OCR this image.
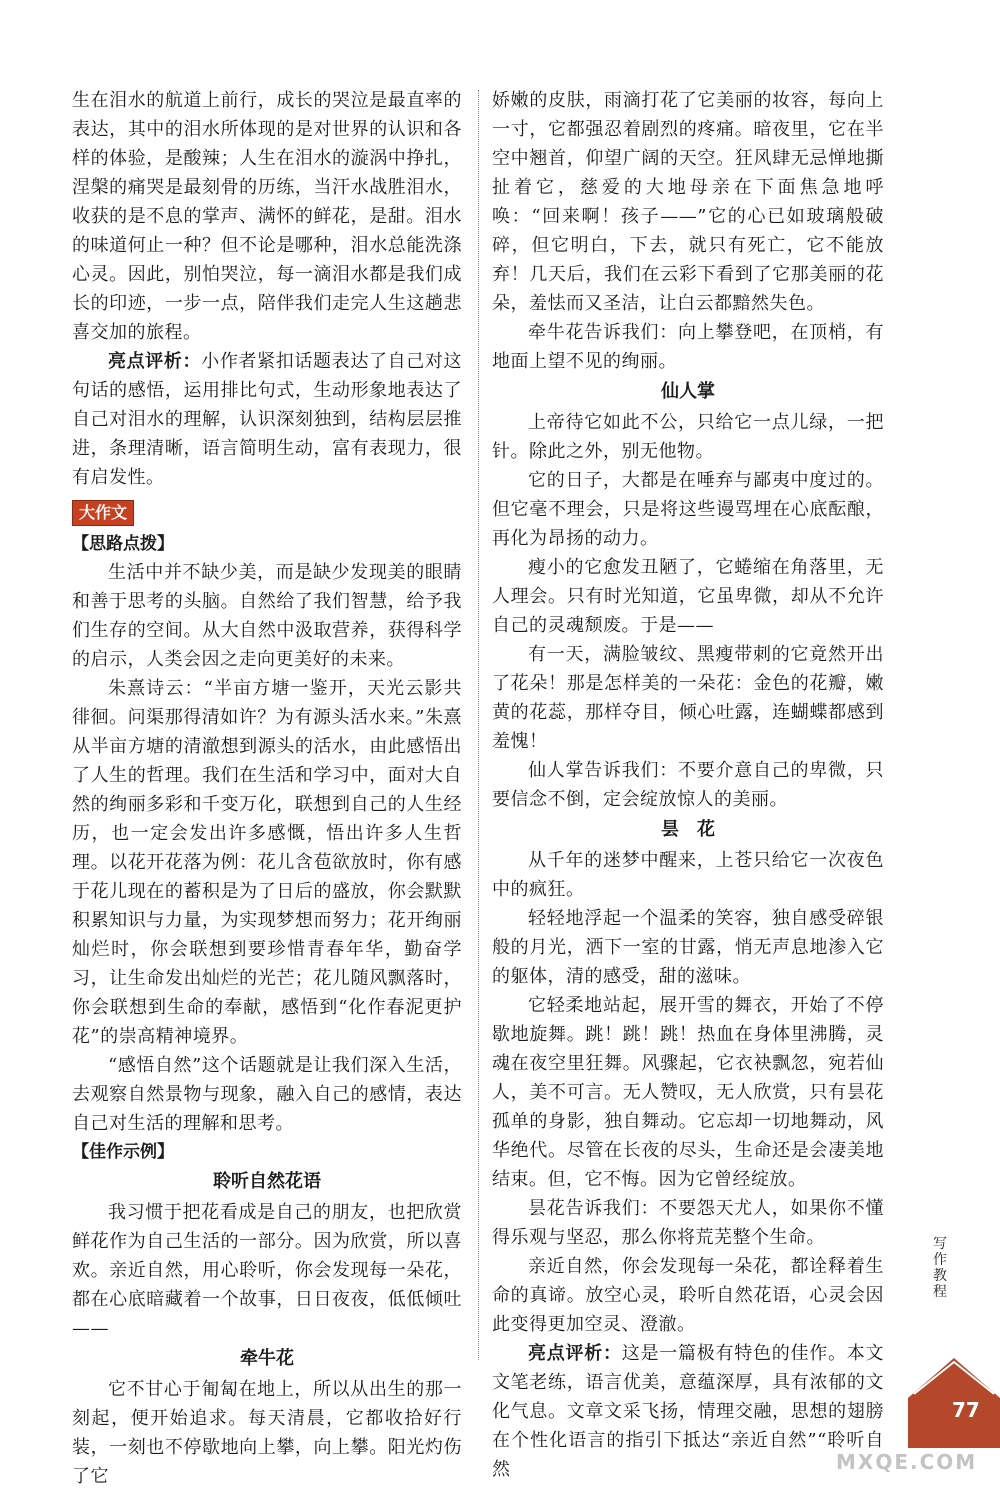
生在泪水的航道上前行，成长的哭泣是最直率的表达，其中的泪水所体现的是对世界的认识和各样的体验，是酸辣；人生在泪水的漩涡中挣扎，涅槃的痛哭是最刻骨的历练，当汗水战胜泪水，收获的是不息的掌声、满怀的鲜花，是甜。泪水的味道何止一种？但不论是哪种，泪水总能洗涤心灵。因此，别怕哭泣，每一滴泪水都是我们成长的印迹，一步一点，陪伴我们走完人生这趟悲喜交加的旅程。

亮点评析：小作者紧扣话题表达了自己对这句话的感悟，运用排比句式，生动形象地表达了自己对泪水的理解，认识深刻独到，结构层层推进，条理清晰，语言简明生动，富有表现力，很有启发性。

大作文
【思路点拨】

生活中并不缺少美，而是缺少发现美的眼睛和善于思考的头脑。自然给了我们智慧，给予我们生存的空间。从大自然中汲取营养，获得科学的启示，人类会因之走向更美好的未来。

朱熹诗云：“半亩方塘一鉴开，天光云影共徘徊。问渠那得清如许？为有源头活水来。”朱熹从半亩方塘的清澈想到源头的活水，由此感悟出了人生的哲理。我们在生活和学习中，面对大自然的绚丽多彩和千变万化，联想到自己的人生经历，也一定会发出许多感慨，悟出许多人生哲理。以花开花落为例：花儿含苞欲放时，你有感于花儿现在的蓄积是为了日后的盛放，你会默默积累知识与力量，为实现梦想而努力；花开绚丽灿烂时，你会联想到要珍惜青春年华，勤奋学习，让生命发出灿烂的光芒；花儿随风飘落时，你会联想到生命的奉献，感悟到“化作春泥更护花”的崇高精神境界。

“感悟自然”这个话题就是让我们深入生活，去观察自然景物与现象，融入自己的感情，表达自己对生活的理解和思考。

【佳作示例】
聆听自然花语

我习惯于把花看成是自己的朋友，也把欣赏鲜花作为自己生活的一部分。因为欣赏，所以喜欢。亲近自然，用心聆听，你会发现每一朵花，都在心底暗藏着一个故事，日日夜夜，低低倾吐——

牵牛花

它不甘心于匍匐在地上，所以从出生的那一刻起，便开始追求。每天清晨，它都收拾好行装，一刻也不停歇地向上攀，向上攀。阳光灼伤了它

娇嫩的皮肤，雨滴打花了它美丽的妆容，每向上一寸，它都强忍着剧烈的疼痛。暗夜里，它在半空中翘首，仰望广阔的天空。狂风肆无忌惮地撕扯着它，慈爱的大地母亲在下面焦急地呼唤：“回来啊！孩子——”它的心已如玻璃般破碎，但它明白，下去，就只有死亡，它不能放弃！几天后，我们在云彩下看到了它那美丽的花朵，羞怯而又圣洁，让白云都黯然失色。

牵牛花告诉我们：向上攀登吧，在顶梢，有地面上望不见的绚丽。

仙人掌

上帝待它如此不公，只给它一点儿绿，一把针。除此之外，别无他物。

它的日子，大都是在唾弃与鄙夷中度过的。但它毫不理会，只是将这些谩骂埋在心底酝酿，再化为昂扬的动力。

瘦小的它愈发丑陋了，它蜷缩在角落里，无人理会。只有时光知道，它虽卑微，却从不允许自己的灵魂颓废。于是——

有一天，满脸皱纹、黑瘦带刺的它竟然开出了花朵！那是怎样美的一朵花：金色的花瓣，嫩黄的花蕊，那样夺目，倾心吐露，连蝴蝶都感到羞愧！

仙人掌告诉我们：不要介意自己的卑微，只要信念不倒，定会绽放惊人的美丽。

昙　花

从千年的迷梦中醒来，上苍只给它一次夜色中的疯狂。

轻轻地浮起一个温柔的笑容，独自感受碎银般的月光，洒下一室的甘露，悄无声息地渗入它的躯体，清的感受，甜的滋味。

它轻柔地站起，展开雪的舞衣，开始了不停歇地旋舞。跳！跳！跳！热血在身体里沸腾，灵魂在夜空里狂舞。风骤起，它衣袂飘忽，宛若仙人，美不可言。无人赞叹，无人欣赏，只有昙花孤单的身影，独自舞动。它忘却一切地舞动，风华绝代。尽管在长夜的尽头，生命还是会凄美地结束。但，它不悔。因为它曾经绽放。

昙花告诉我们：不要怨天尤人，如果你不懂得乐观与坚忍，那么你将荒芜整个生命。

亲近自然，你会发现每一朵花，都诠释着生命的真谛。放空心灵，聆听自然花语，心灵会因此变得更加空灵、澄澈。

亮点评析：这是一篇极有特色的佳作。本文文笔老练，语言优美，意蕴深厚，具有浓郁的文化气息。文章文采飞扬，情理交融，思想的翅膀在个性化语言的指引下抵达“亲近自然”“聆听自然

写作教程
77
MXQE.COM
